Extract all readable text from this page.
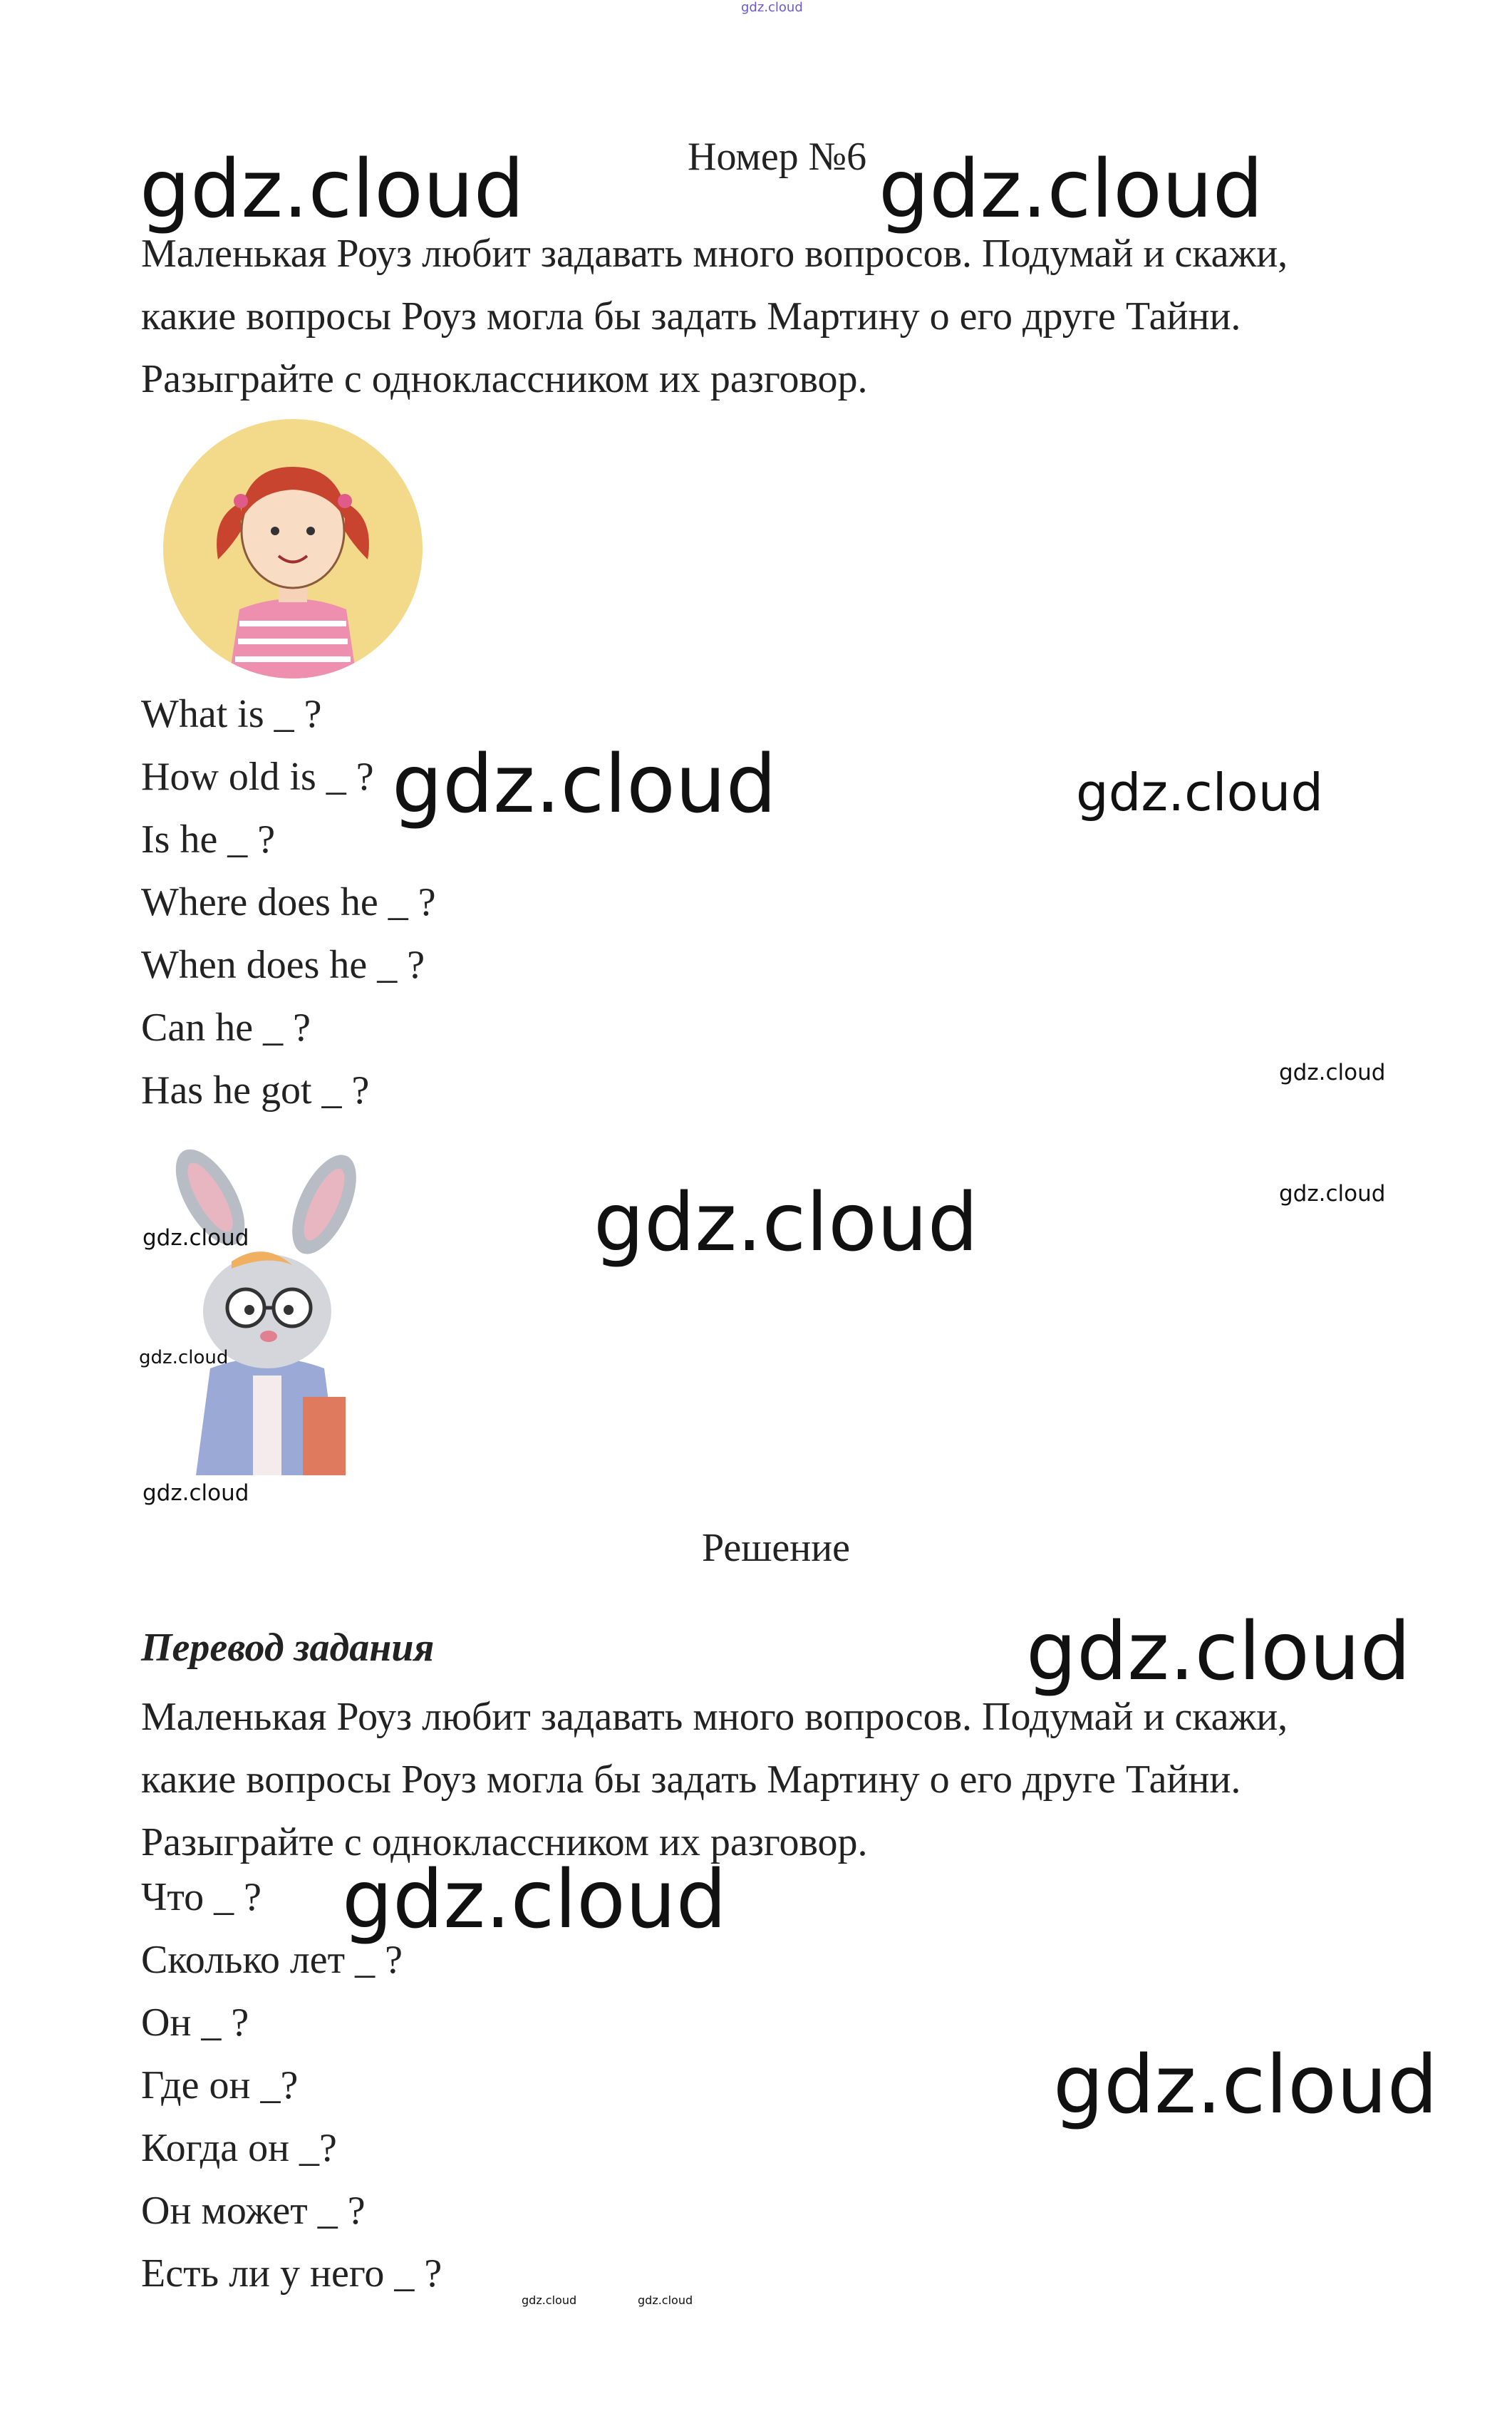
gdz.cloud
Номер №6
Маленькая Роуз любит задавать много вопросов. Подумай и скажи,
какие вопросы Роуз могла бы задать Мартину о его друге Тайни.
Разыграйте с одноклассником их разговор.
What is _ ?
How old is _ ?
Is he _ ?
Where does he _ ?
When does he _ ?
Can he _ ?
Has he got _ ?
Решение
Перевод задания
Маленькая Роуз любит задавать много вопросов. Подумай и скажи,
какие вопросы Роуз могла бы задать Мартину о его друге Тайни.
Разыграйте с одноклассником их разговор.
Что _ ?
Сколько лет _ ?
Он _ ?
Где он _?
Когда он _?
Он может _ ?
Есть ли у него _ ?
gdz.cloud	gdz.cloud
gdz.cloud	gdz.cloud
gdz.cloud
gdz.cloud
gdz.cloud
gdz.cloud
gdz.cloud
gdz.cloud
gdz.cloud
gdz.cloud
gdz.cloud
gdz.cloud	gdz.cloud
